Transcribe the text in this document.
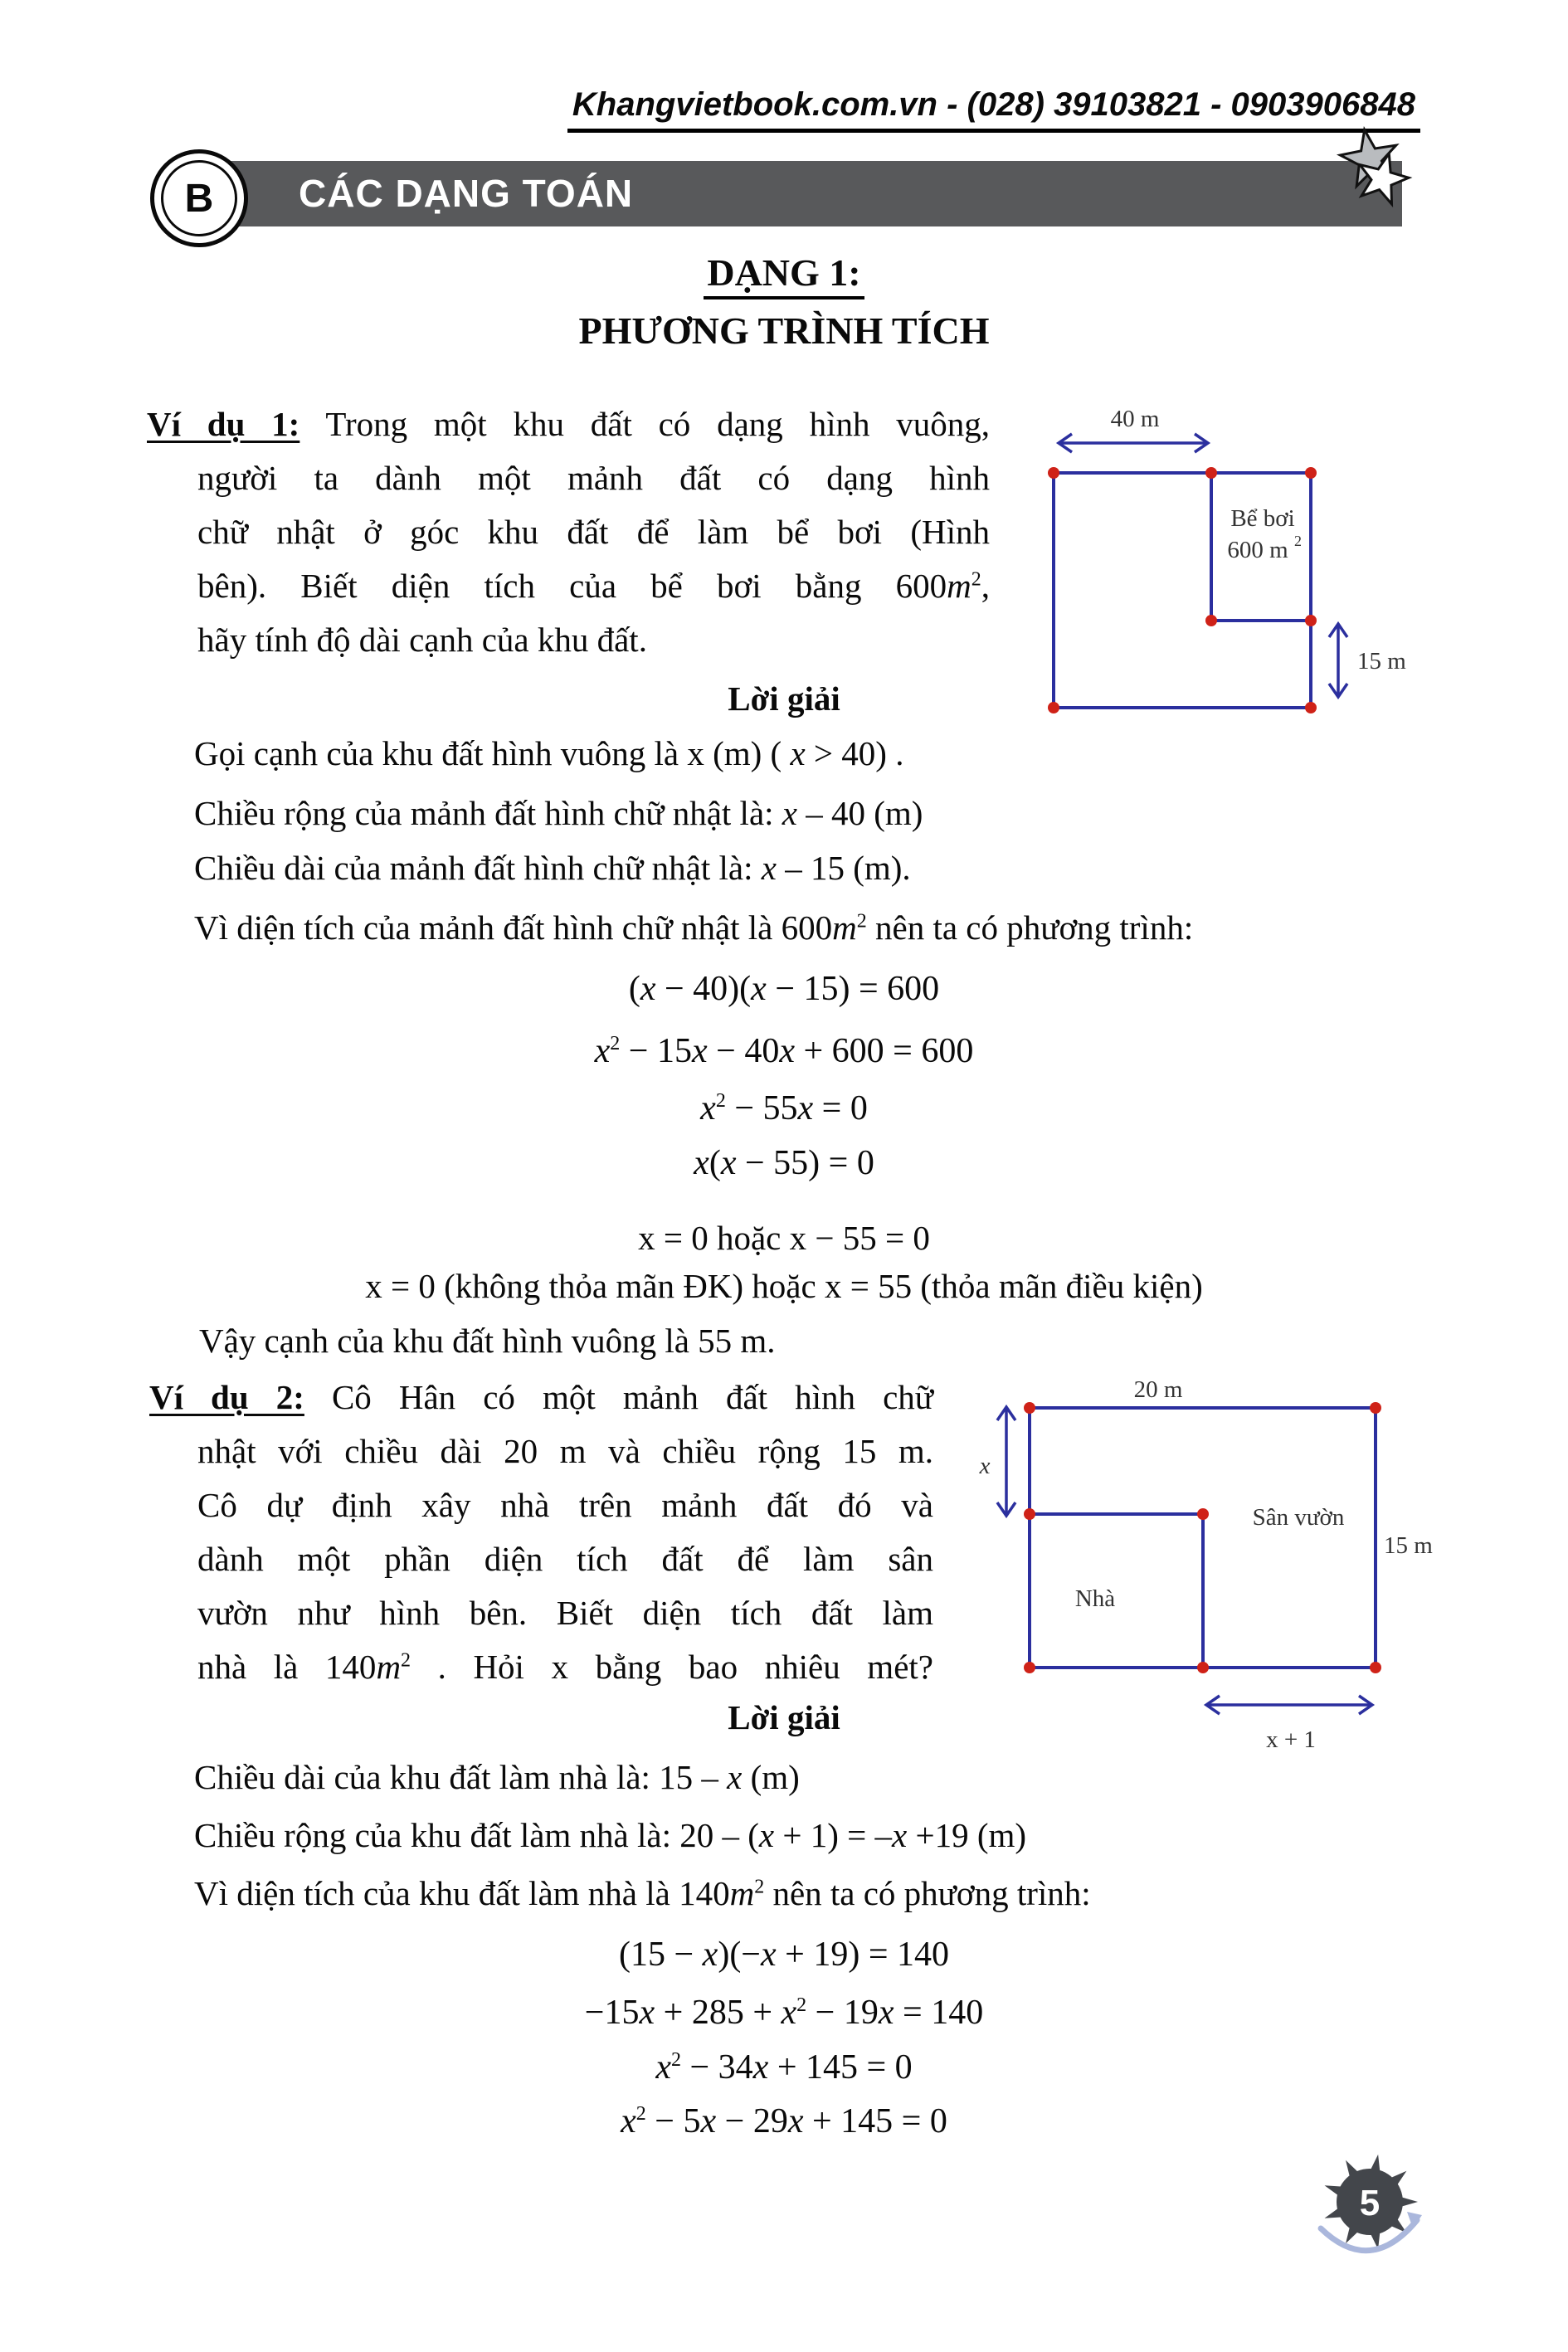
Khangvietbook.com.vn - (028) 39103821 - 0903906848
CÁC DẠNG TOÁN
B
DẠNG 1:
PHƯƠNG TRÌNH TÍCH
Ví dụ 1: Trong một khu đất có dạng hình vuông,
người ta dành một mảnh đất có dạng hình
chữ nhật ở góc khu đất để làm bể bơi (Hình
bên). Biết diện tích của bể bơi bằng $600m^2$,
hãy tính độ dài cạnh của khu đất.
40 m
Bể bơi
600 m 2
15 m
Lời giải
Gọi cạnh của khu đất hình vuông là x (m) ( x > 40) .
Chiều rộng của mảnh đất hình chữ nhật là: x – 40 (m)
Chiều dài của mảnh đất hình chữ nhật là: x – 15 (m).
Vì diện tích của mảnh đất hình chữ nhật là $600m^2$ nên ta có phương trình:
(x − 40)(x − 15) = 600
$x^2 - 15x - 40x + 600 = 600$
$x^2 - 55x = 0$
x(x − 55) = 0
x = 0 hoặc x − 55 = 0
x = 0 (không thỏa mãn ĐK) hoặc x = 55 (thỏa mãn điều kiện)
Vậy cạnh của khu đất hình vuông là 55 m.
Ví dụ 2: Cô Hân có một mảnh đất hình chữ
nhật với chiều dài 20 m và chiều rộng 15 m.
Cô dự định xây nhà trên mảnh đất đó và
dành một phần diện tích đất để làm sân
vườn như hình bên. Biết diện tích đất làm
nhà là $140m^2$ . Hỏi x bằng bao nhiêu mét?
20 m
x
Sân vườn
15 m
Nhà
x + 1
Lời giải
Chiều dài của khu đất làm nhà là: 15 – x (m)
Chiều rộng của khu đất làm nhà là: 20 – (x + 1) = –x +19 (m)
Vì diện tích của khu đất làm nhà là $140m^2$ nên ta có phương trình:
(15 − x)(−x + 19) = 140
$-15x + 285 + x^2 - 19x = 140$
$x^2 - 34x + 145 = 0$
$x^2 - 5x - 29x + 145 = 0$
5
